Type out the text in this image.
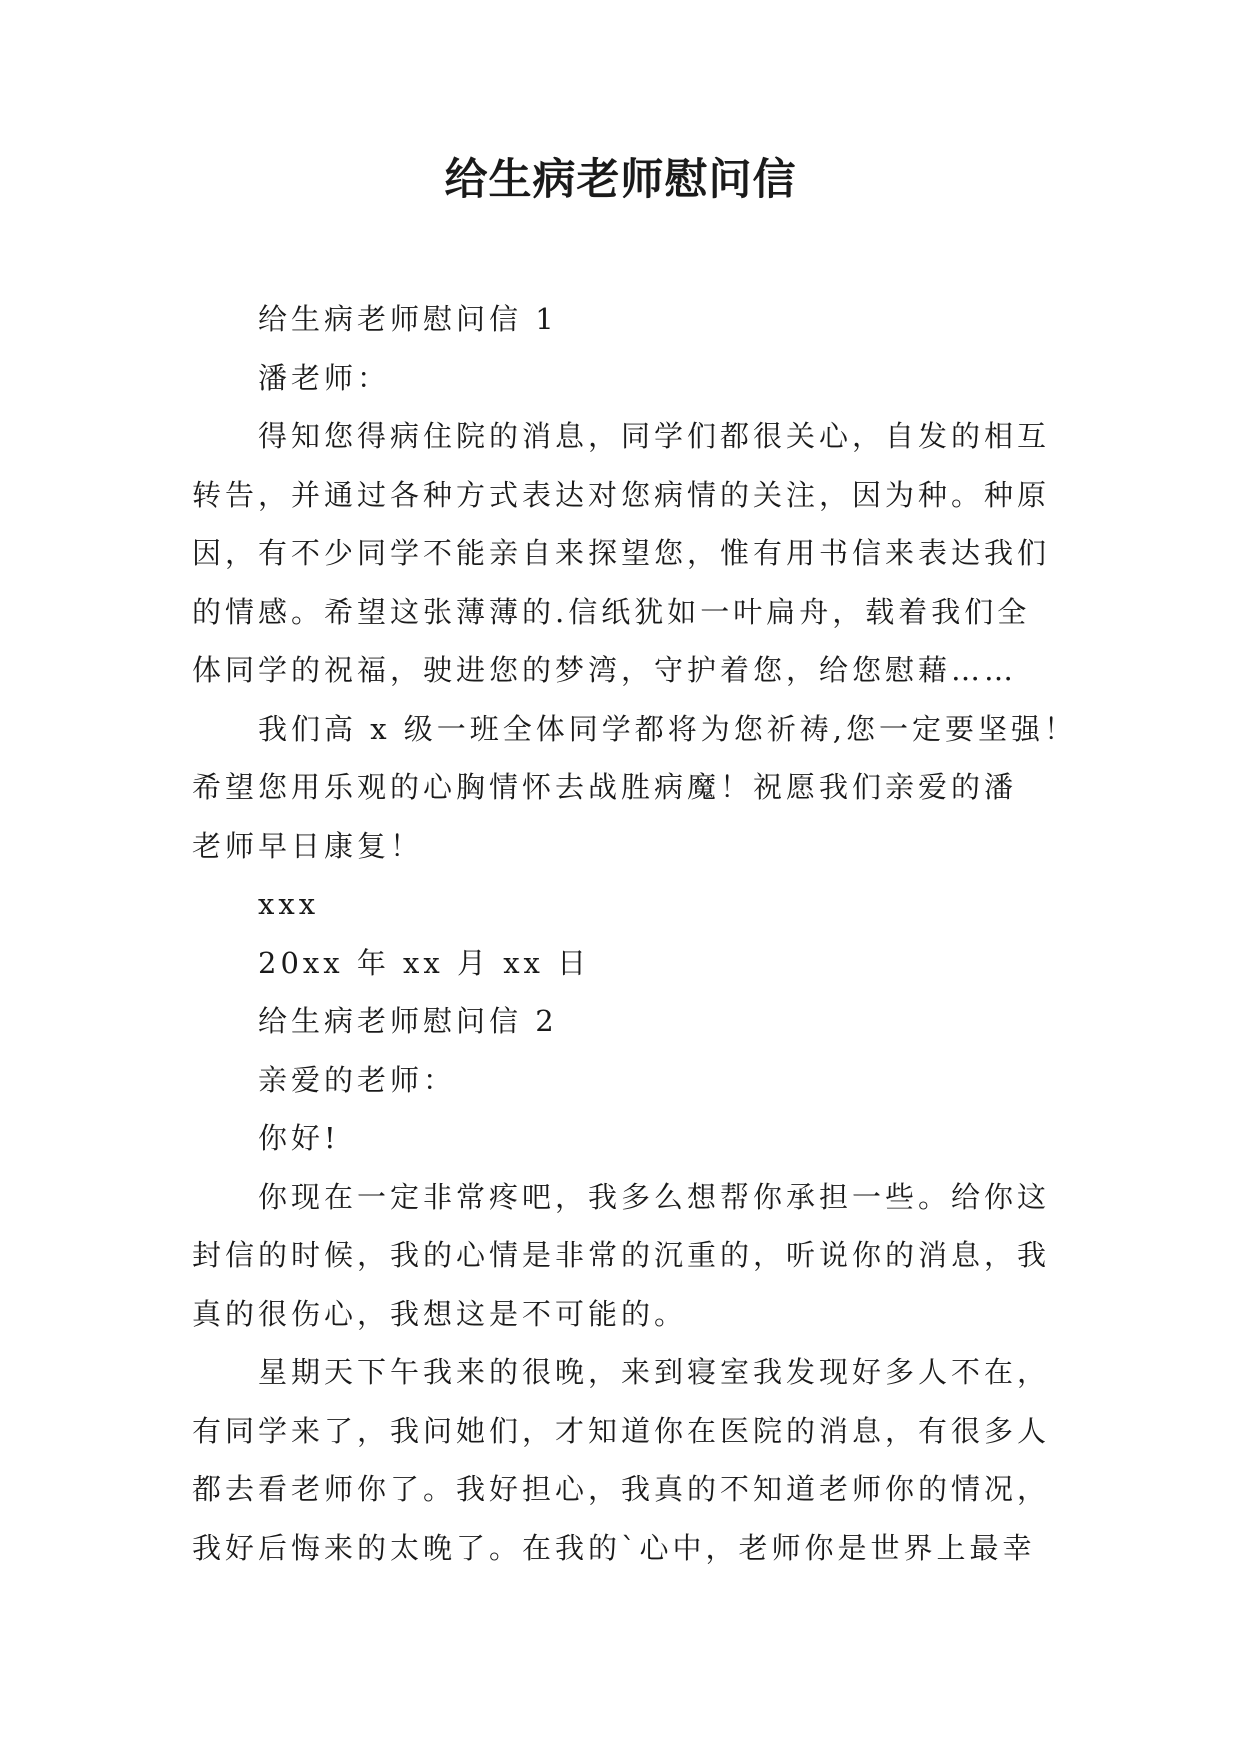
给生病老师慰问信

给生病老师慰问信 1

潘老师：

得知您得病住院的消息，同学们都很关心，自发的相互

转告，并通过各种方式表达对您病情的关注，因为种。种原

因，有不少同学不能亲自来探望您，惟有用书信来表达我们

的情感。希望这张薄薄的.信纸犹如一叶扁舟，载着我们全

体同学的祝福，驶进您的梦湾，守护着您，给您慰藉……

我们高 x 级一班全体同学都将为您祈祷,您一定要坚强！

希望您用乐观的心胸情怀去战胜病魔！祝愿我们亲爱的潘

老师早日康复！

xxx

20xx 年 xx 月 xx 日

给生病老师慰问信 2

亲爱的老师：

你好!

你现在一定非常疼吧，我多么想帮你承担一些。给你这

封信的时候，我的心情是非常的沉重的，听说你的消息，我

真的很伤心，我想这是不可能的。

星期天下午我来的很晚，来到寝室我发现好多人不在，

有同学来了，我问她们，才知道你在医院的消息，有很多人

都去看老师你了。我好担心，我真的不知道老师你的情况，

我好后悔来的太晚了。在我的`心中，老师你是世界上最幸
